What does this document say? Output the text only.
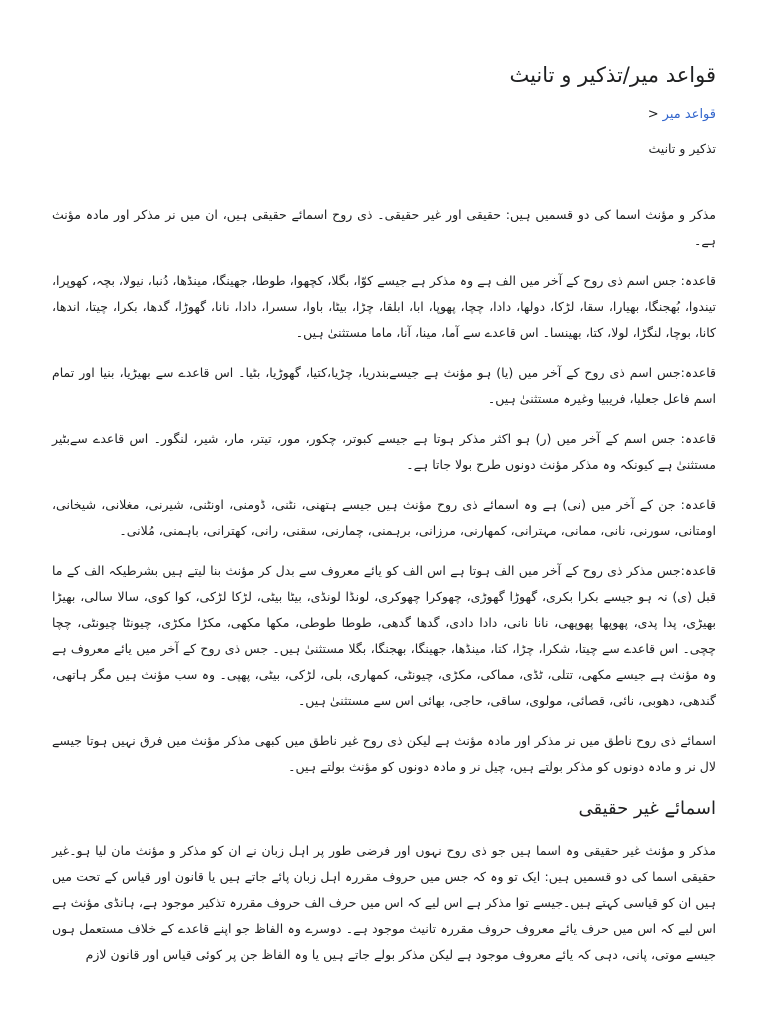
قواعد میر/تذکیر و تانیث
قواعد میر<
تذکیر و تانیث

مذکر و مؤنث اسما کی دو قسمیں ہیں: حقیقی اور غیر حقیقی۔ ذی روح اسمائے حقیقی ہیں، ان میں نر مذکر اور مادہ مؤنث ہے۔

قاعدہ: جس اسم ذی روح کے آخر میں الف ہے وہ مذکر ہے جیسے کوّا، بگلا، کچھوا، طوطا، جھینگا، مینڈھا، دُنبا، نیولا، بچہ، کھوپرا، تیندوا، بُھجنگا، بھیارا، سقا، لڑکا، دولھا، دادا، چچا، پھوپا، ابا، ابلقا، چڑا، بیٹا، باوا، سسرا، دادا، نانا، گھوڑا، گدھا، بکرا، چیتا، اندھا، کانا، بوچا، لنگڑا، لولا، کتا، بھینسا۔ اس قاعدے سے آما، مینا، آنا، ماما مستثنیٰ ہیں۔

قاعدہ:جس اسم ذی روح کے آخر میں (یا) ہو مؤنث ہے جیسےبندریا، چڑیا،کتیا، گھوڑیا، بٹیا۔ اس قاعدے سے بھیڑیا، بنیا اور تمام اسم فاعل جعلیا، فریبیا وغیرہ مستثنیٰ ہیں۔

قاعدہ: جس اسم کے آخر میں (ر) ہو اکثر مذکر ہوتا ہے جیسے کبوتر، چکور، مور، تیتر، مار، شیر، لنگور۔ اس قاعدے سےبٹیر مستثنیٰ ہے کیونکہ وہ مذکر مؤنث دونوں طرح بولا جاتا ہے۔

قاعدہ: جن کے آخر میں (نی) ہے وہ اسمائے ذی روح مؤنث ہیں جیسے ہتھنی، نٹنی، ڈومنی، اونٹنی، شیرنی، مغلانی، شیخانی، اومتانی، سورنی، نانی، ممانی، مہترانی، کمھارنی، مرزانی، برہمنی، چمارنی، سقنی، رانی، کھترانی، باہمنی، مُلانی۔

قاعدہ:جس مذکر ذی روح کے آخر میں الف ہوتا ہے اس الف کو یائے معروف سے بدل کر مؤنث بنا لیتے ہیں بشرطیکہ الف کے ما قبل (ی) نہ ہو جیسے بکرا بکری، گھوڑا گھوڑی، چھوکرا چھوکری، لونڈا لونڈی، بیٹا بیٹی، لڑکا لڑکی، کوا کوی، سالا سالی، بھیڑا بھیڑی، پدا پدی، پھوپھا پھوپھی، نانا نانی، دادا دادی، گدھا گدھی، طوطا طوطی، مکھا مکھی، مکڑا مکڑی، چیونٹا چیونٹی، چچا چچی۔ اس قاعدے سے چیتا، شکرا، چڑا، کتا، مینڈھا، جھینگا، بھجنگا، بگلا مستثنیٰ ہیں۔ جس ذی روح کے آخر میں یائے معروف ہے وہ مؤنث ہے جیسے مکھی، تتلی، ٹڈی، مماکی، مکڑی، چیونٹی، کمھاری، بلی، لڑکی، بیٹی، پھپی۔ وہ سب مؤنث ہیں مگر ہاتھی، گندھی، دھوبی، نائی، قصائی، مولوی، ساقی، حاجی، بھائی اس سے مستثنیٰ ہیں۔

اسمائے ذی روح ناطق میں نر مذکر اور مادہ مؤنث ہے لیکن ذی روح غیر ناطق میں کبھی مذکر مؤنث میں فرق نہیں ہوتا جیسے لال نر و مادہ دونوں کو مذکر بولتے ہیں، چیل نر و مادہ دونوں کو مؤنث بولتے ہیں۔

اسمائے غیر حقیقی

مذکر و مؤنث غیر حقیقی وہ اسما ہیں جو ذی روح نہوں اور فرضی طور پر اہل زبان نے ان کو مذکر و مؤنث مان لیا ہو۔غیر حقیقی اسما کی دو قسمیں ہیں: ایک تو وہ کہ جس میں حروف مقررہ اہل زبان پائے جاتے ہیں یا قانون اور قیاس کے تحت میں ہیں ان کو قیاسی کہتے ہیں۔جیسے توا مذکر ہے اس لیے کہ اس میں حرف الف حروف مقررہ تذکیر موجود ہے، ہانڈی مؤنث ہے اس لیے کہ اس میں حرف یائے معروف حروف مقررہ تانیث موجود ہے۔ دوسرے وہ الفاظ جو اپنے قاعدے کے خلاف مستعمل ہوں جیسے موتی، پانی، دہی کہ یائے معروف موجود ہے لیکن مذکر بولے جاتے ہیں یا وہ الفاظ جن پر کوئی قیاس اور قانون لازم
